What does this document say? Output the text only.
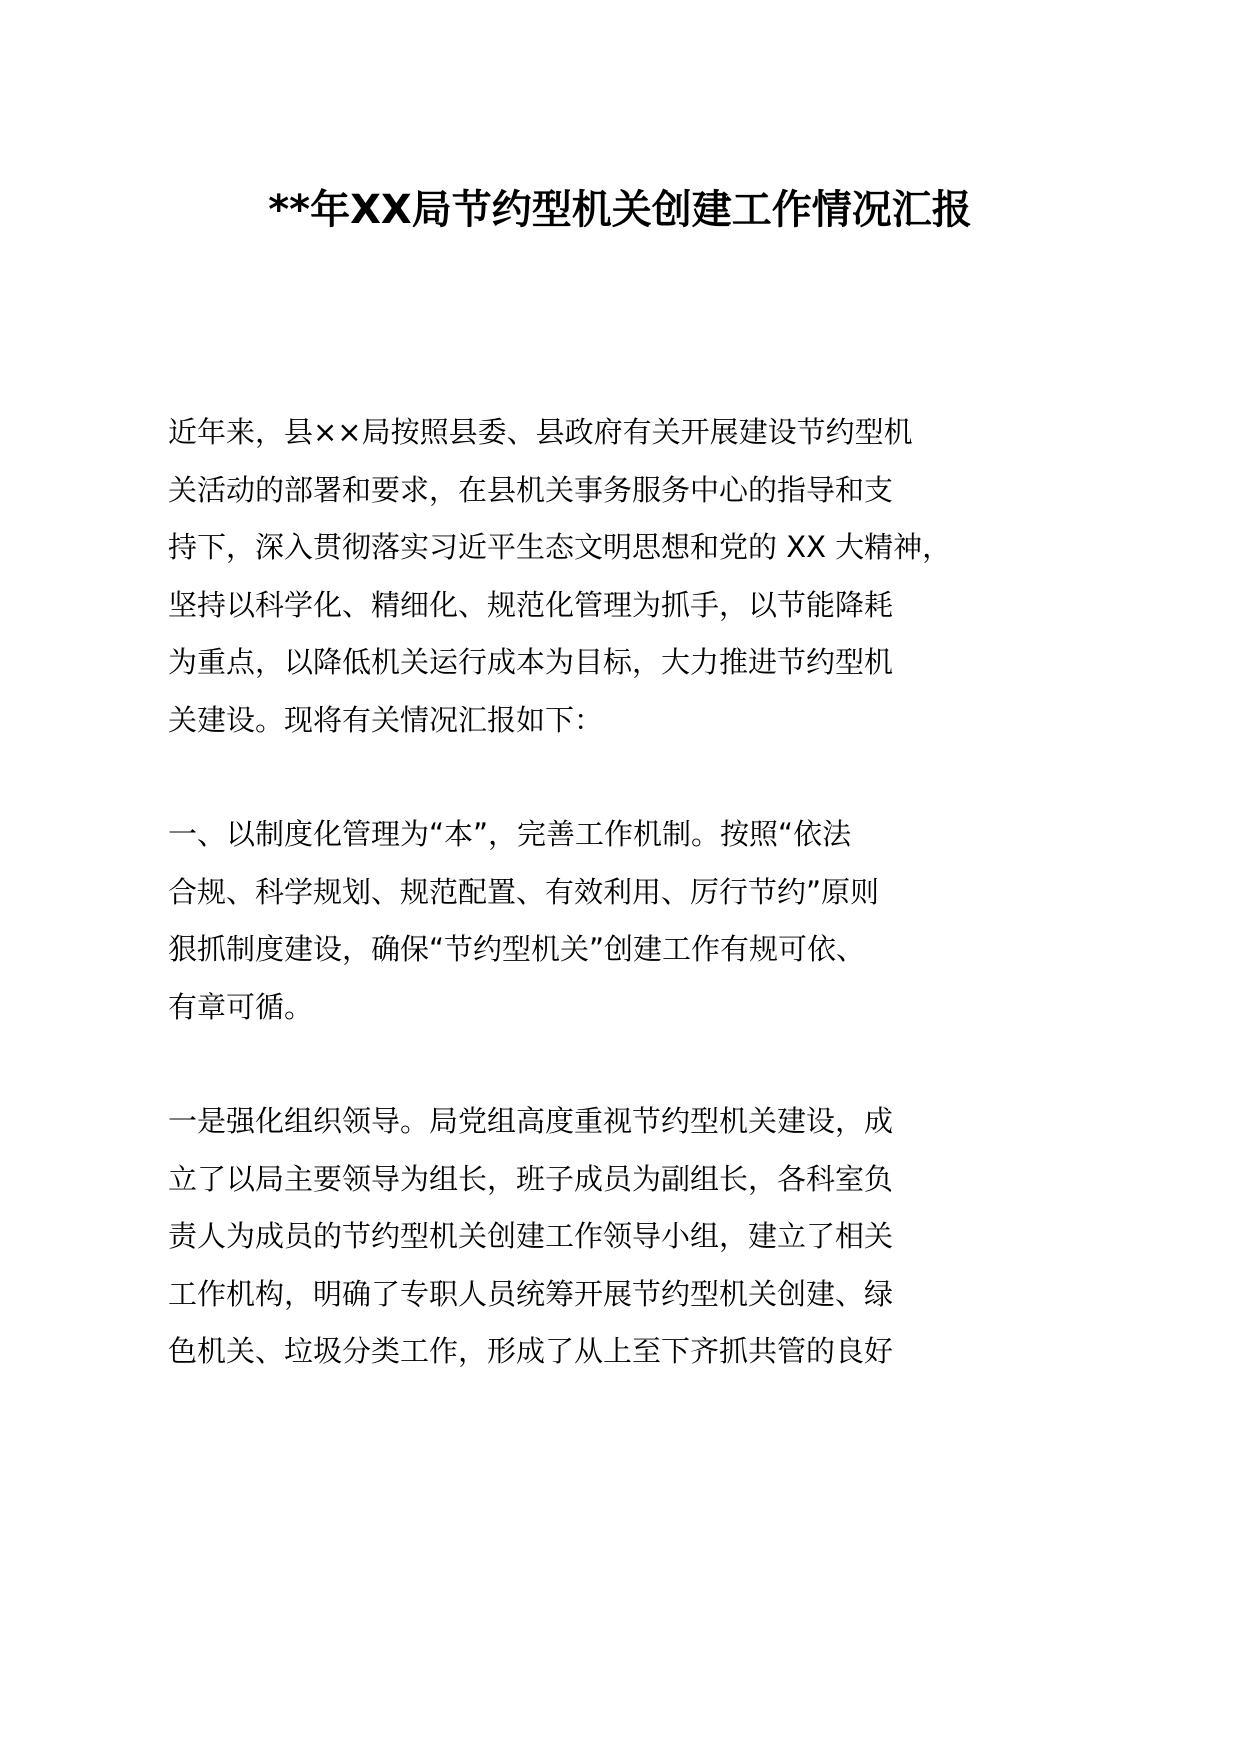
**年XX局节约型机关创建工作情况汇报
近年来，县××局按照县委、县政府有关开展建设节约型机
关活动的部署和要求，在县机关事务服务中心的指导和支
持下，深入贯彻落实习近平生态文明思想和党的 XX 大精神，
坚持以科学化、精细化、规范化管理为抓手，以节能降耗
为重点，以降低机关运行成本为目标，大力推进节约型机
关建设。现将有关情况汇报如下：
一、以制度化管理为“本”，完善工作机制。按照“依法
合规、科学规划、规范配置、有效利用、厉行节约”原则
狠抓制度建设，确保“节约型机关”创建工作有规可依、
有章可循。
一是强化组织领导。局党组高度重视节约型机关建设，成
立了以局主要领导为组长，班子成员为副组长，各科室负
责人为成员的节约型机关创建工作领导小组，建立了相关
工作机构，明确了专职人员统筹开展节约型机关创建、绿
色机关、垃圾分类工作，形成了从上至下齐抓共管的良好
